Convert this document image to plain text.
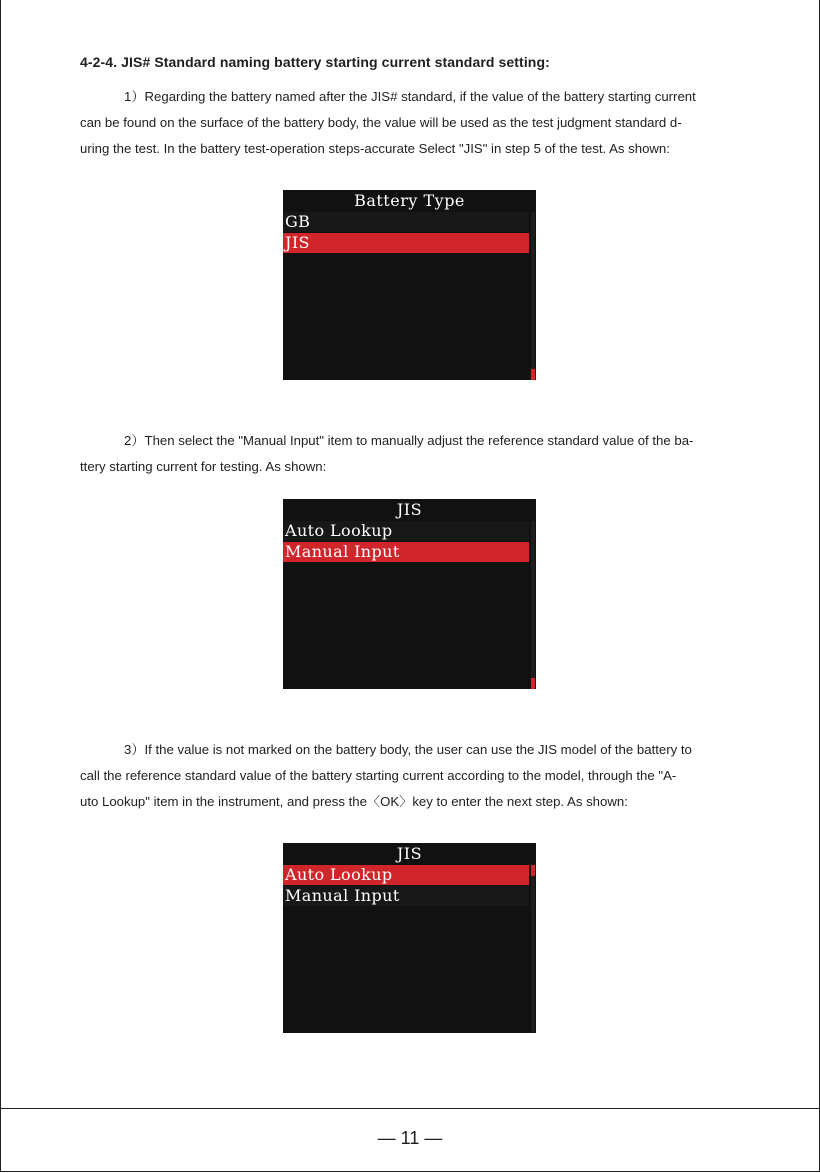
4-2-4. JIS# Standard naming battery starting current standard setting:
1）Regarding the battery named after the JIS# standard, if the value of the battery starting current
can be found on the surface of the battery body, the value will be used as the test judgment standard d-
uring the test. In the battery test-operation steps-accurate Select "JIS" in step 5 of the test. As shown:
Battery Type
GB
JIS
2）Then select the "Manual Input" item to manually adjust the reference standard value of the ba-
ttery starting current for testing. As shown:
JIS
Auto Lookup
Manual Input
3）If the value is not marked on the battery body, the user can use the JIS model of the battery to
call the reference standard value of the battery starting current according to the model, through the "A-
uto Lookup" item in the instrument, and press the〈OK〉key to enter the next step. As shown:
JIS
Auto Lookup
Manual Input
— 11 —
